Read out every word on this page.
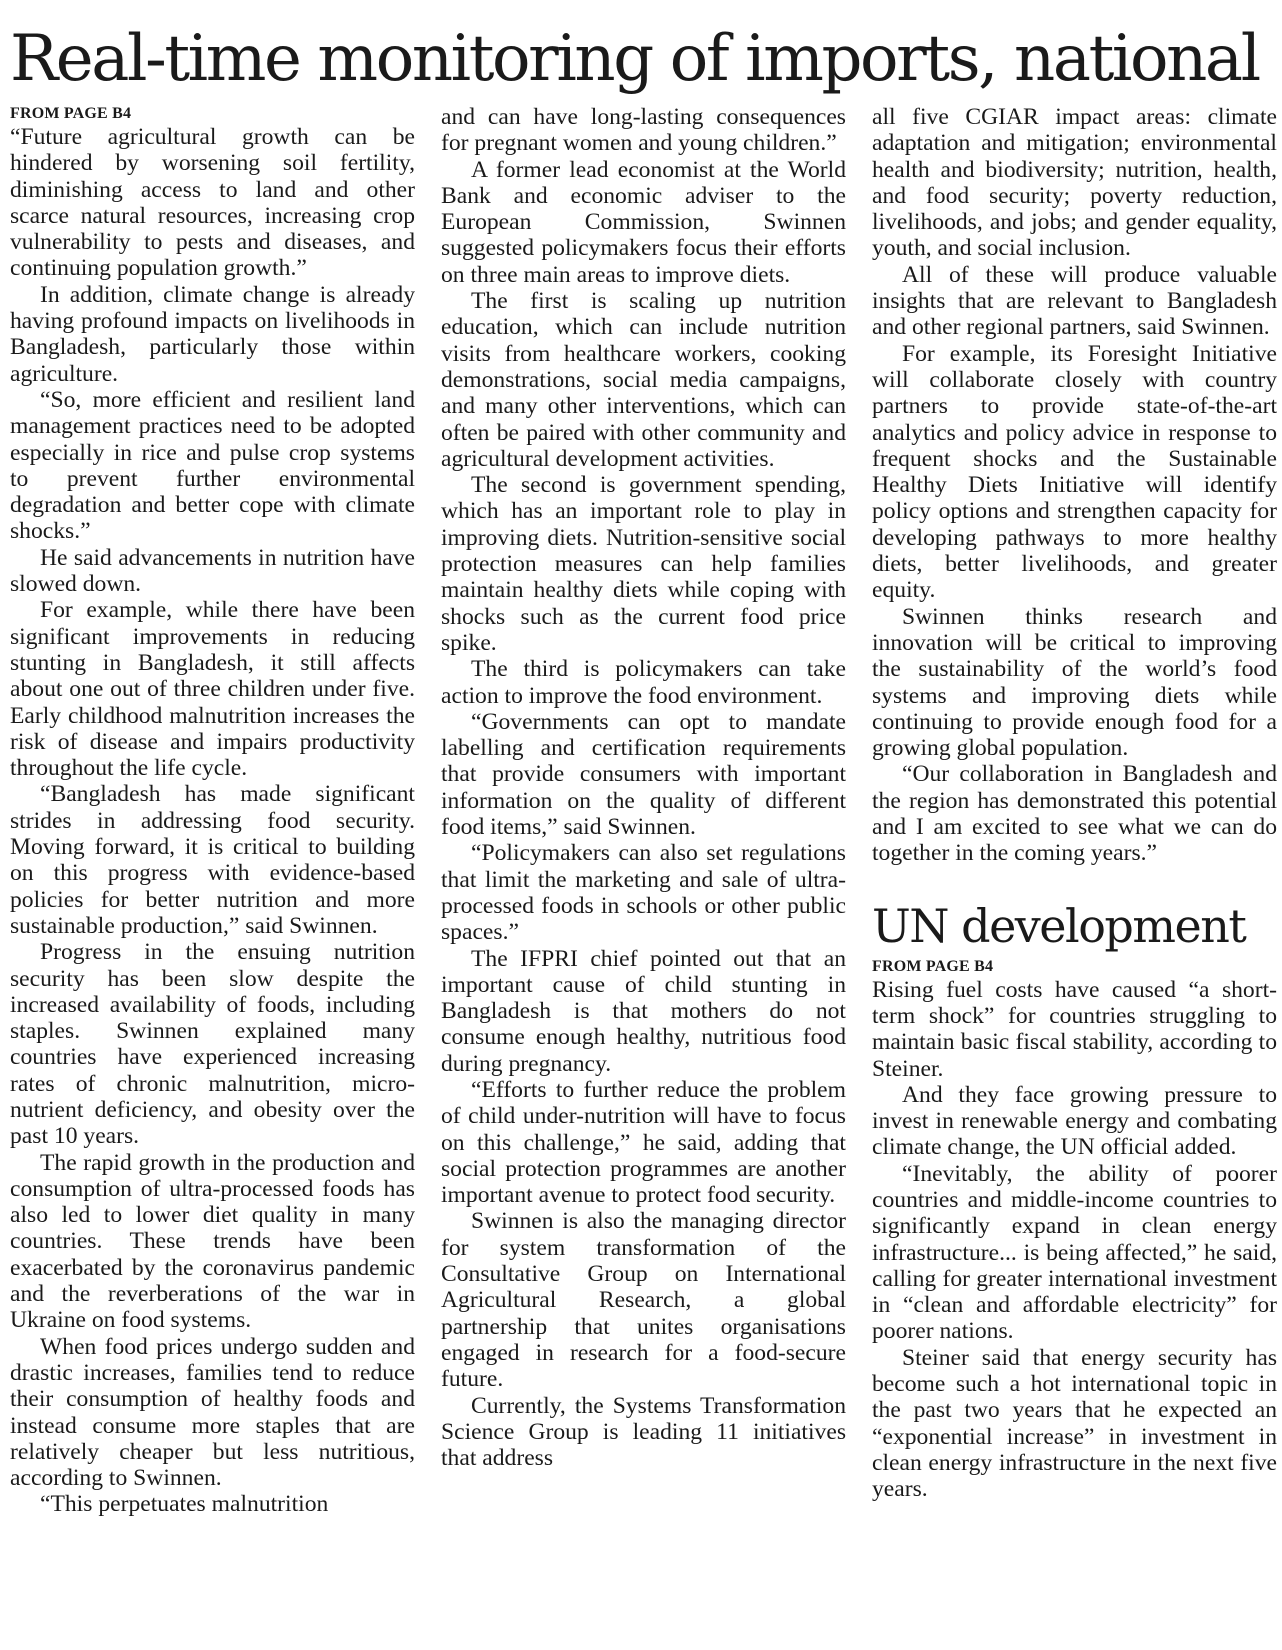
Real-time monitoring of imports, national
FROM PAGE B4

“Future agricultural growth can be hindered by worsening soil fertility, diminishing access to land and other scarce natural resources, increasing crop vulnerability to pests and diseases, and continuing population growth.”

In addition, climate change is already having profound impacts on livelihoods in Bangladesh, particularly those within agriculture.

“So, more efficient and resilient land management practices need to be adopted especially in rice and pulse crop systems to prevent further environmental degradation and better cope with climate shocks.”

He said advancements in nutrition have slowed down.

For example, while there have been significant improvements in reducing stunting in Bangladesh, it still affects about one out of three children under five. Early childhood malnutrition increases the risk of disease and impairs productivity throughout the life cycle.

“Bangladesh has made significant strides in addressing food security. Moving forward, it is critical to building on this progress with evidence-based policies for better nutrition and more sustainable production,” said Swinnen.

Progress in the ensuing nutrition security has been slow despite the increased availability of foods, including staples. Swinnen explained many countries have experienced increasing rates of chronic malnutrition, micro-nutrient deficiency, and obesity over the past 10 years.

The rapid growth in the production and consumption of ultra-processed foods has also led to lower diet quality in many countries. These trends have been exacerbated by the coronavirus pandemic and the reverberations of the war in Ukraine on food systems.

When food prices undergo sudden and drastic increases, families tend to reduce their consumption of healthy foods and instead consume more staples that are relatively cheaper but less nutritious, according to Swinnen.

“This perpetuates malnutrition

and can have long-lasting consequences for pregnant women and young children.”

A former lead economist at the World Bank and economic adviser to the European Commission, Swinnen suggested policymakers focus their efforts on three main areas to improve diets.

The first is scaling up nutrition education, which can include nutrition visits from healthcare workers, cooking demonstrations, social media campaigns, and many other interventions, which can often be paired with other community and agricultural development activities.

The second is government spending, which has an important role to play in improving diets. Nutrition-sensitive social protection measures can help families maintain healthy diets while coping with shocks such as the current food price spike.

The third is policymakers can take action to improve the food environment.

“Governments can opt to mandate labelling and certification requirements that provide consumers with important information on the quality of different food items,” said Swinnen.

“Policymakers can also set regulations that limit the marketing and sale of ultra-processed foods in schools or other public spaces.”

The IFPRI chief pointed out that an important cause of child stunting in Bangladesh is that mothers do not consume enough healthy, nutritious food during pregnancy.

“Efforts to further reduce the problem of child under-nutrition will have to focus on this challenge,” he said, adding that social protection programmes are another important avenue to protect food security.

Swinnen is also the managing director for system transformation of the Consultative Group on International Agricultural Research, a global partnership that unites organisations engaged in research for a food-secure future.

Currently, the Systems Transformation Science Group is leading 11 initiatives that address

all five CGIAR impact areas: climate adaptation and mitigation; environmental health and biodiversity; nutrition, health, and food security; poverty reduction, livelihoods, and jobs; and gender equality, youth, and social inclusion.

All of these will produce valuable insights that are relevant to Bangladesh and other regional partners, said Swinnen.

For example, its Foresight Initiative will collaborate closely with country partners to provide state-of-the-art analytics and policy advice in response to frequent shocks and the Sustainable Healthy Diets Initiative will identify policy options and strengthen capacity for developing pathways to more healthy diets, better livelihoods, and greater equity.

Swinnen thinks research and innovation will be critical to improving the sustainability of the world’s food systems and improving diets while continuing to provide enough food for a growing global population.

“Our collaboration in Bangladesh and the region has demonstrated this potential and I am excited to see what we can do together in the coming years.”

UN development
FROM PAGE B4

Rising fuel costs have caused “a short-term shock” for countries struggling to maintain basic fiscal stability, according to Steiner.

And they face growing pressure to invest in renewable energy and combating climate change, the UN official added.

“Inevitably, the ability of poorer countries and middle-income countries to significantly expand in clean energy infrastructure... is being affected,” he said, calling for greater international investment in “clean and affordable electricity” for poorer nations.

Steiner said that energy security has become such a hot international topic in the past two years that he expected an “exponential increase” in investment in clean energy infrastructure in the next five years.
